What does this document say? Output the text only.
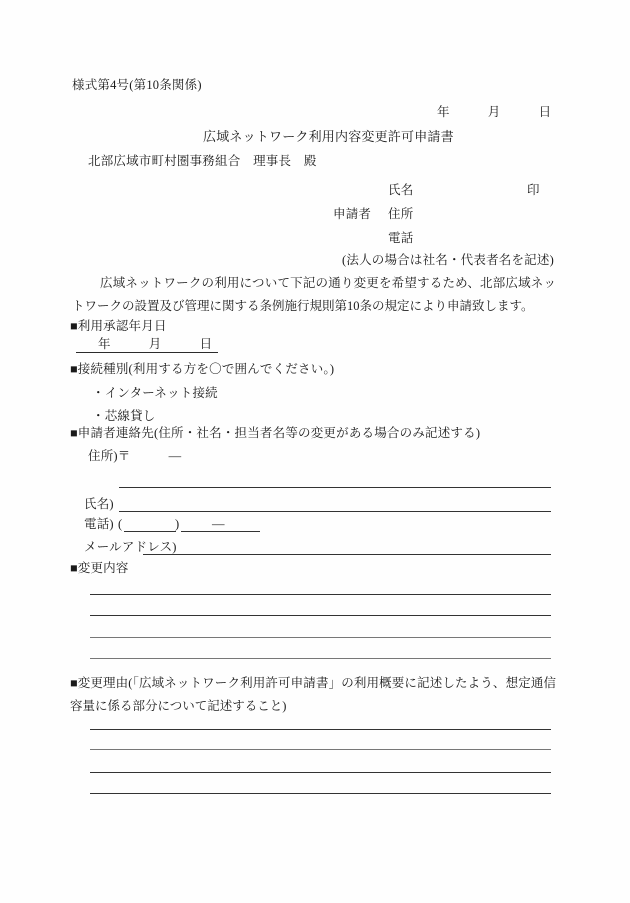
様式第4号(第10条関係)
年　　　月　　　日
広域ネットワーク利用内容変更許可申請書
北部広域市町村圏事務組合　理事長　殿
氏名	印
申請者 住所
電話
(法人の場合は社名・代表者名を記述)
広域ネットワークの利用について下記の通り変更を希望するため、北部広域ネットワークの設置及び管理に関する条例施行規則第10条の規定により申請致します。
■利用承認年月日
年　　　月　　　日
■接続種別(利用する方を〇で囲んでください。)
・インターネット接続
・芯線貸し
■申請者連絡先(住所・社名・担当者名等の変更がある場合のみ記述する)
住所)〒　　　―
氏名)
電話) (	)	―
メールアドレス)
■変更内容
■変更理由(「広域ネットワーク利用許可申請書」の利用概要に記述したよう、想定通信容量に係る部分について記述すること)
